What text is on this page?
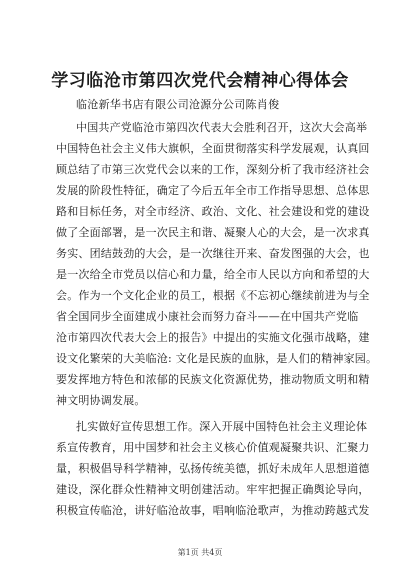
学习临沧市第四次党代会精神心得体会
临沧新华书店有限公司沧源分公司陈肖俊
中国共产党临沧市第四次代表大会胜利召开，这次大会高举
中国特色社会主义伟大旗帜，全面贯彻落实科学发展观，认真回
顾总结了市第三次党代会以来的工作，深刻分析了我市经济社会
发展的阶段性特征，确定了今后五年全市工作指导思想、总体思
路和目标任务，对全市经济、政治、文化、社会建设和党的建设
做了全面部署，是一次民主和谐、凝聚人心的大会，是一次求真
务实、团结鼓劲的大会，是一次继往开来、奋发图强的大会，也
是一次给全市党员以信心和力量，给全市人民以方向和希望的大
会。作为一个文化企业的员工，根据《不忘初心继续前进为与全
省全国同步全面建成小康社会而努力奋斗——在中国共产党临
沧市第四次代表大会上的报告》中提出的实施文化强市战略，建
设文化繁荣的大美临沧: 文化是民族的血脉，是人们的精神家园。
要发挥地方特色和浓郁的民族文化资源优势，推动物质文明和精
神文明协调发展。
扎实做好宣传思想工作。深入开展中国特色社会主义理论体
系宣传教育，用中国梦和社会主义核心价值观凝聚共识、汇聚力
量，积极倡导科学精神，弘扬传统美德，抓好未成年人思想道德
建设，深化群众性精神文明创建活动。牢牢把握正确舆论导向，
积极宣传临沧，讲好临沧故事，唱响临沧歌声，为推动跨越式发
第1页 共4页
